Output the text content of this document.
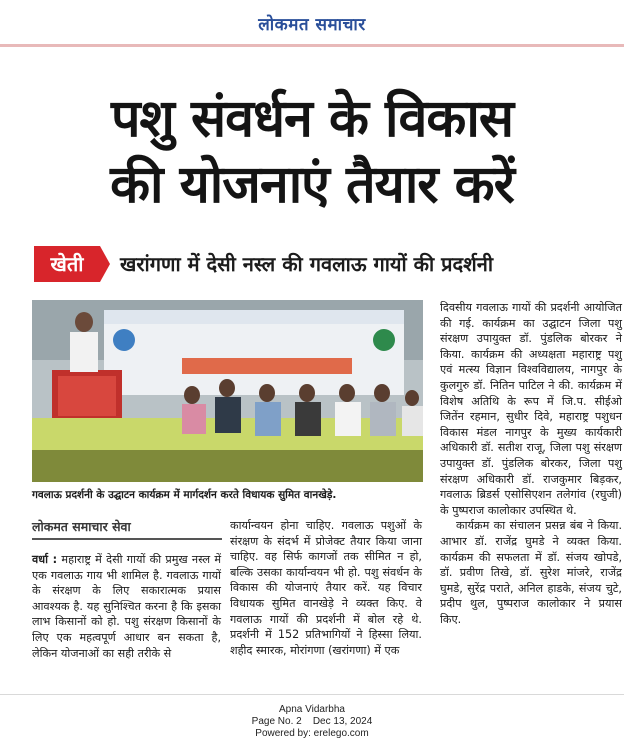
लोकमत समाचार
पशु संवर्धन के विकास
की योजनाएं तैयार करें
खेती	खरांगणा में देसी नस्ल की गवलाऊ गायों की प्रदर्शनी
गवलाऊ प्रदर्शनी के उद्घाटन कार्यक्रम में मार्गदर्शन करते विधायक सुमित वानखेड़े.
लोकमत समाचार सेवा

वर्धा : महाराष्ट्र में देसी गायों की प्रमुख नस्ल में एक गवलाऊ गाय भी शामिल है. गवलाऊ गायों के संरक्षण के लिए सकारात्मक प्रयास आवश्यक है. यह सुनिश्चित करना है कि इसका लाभ किसानों को हो. पशु संरक्षण किसानों के लिए एक महत्वपूर्ण आधार बन सकता है, लेकिन योजनाओं का सही तरीके से

कार्यान्वयन होना चाहिए. गवलाऊ पशुओं के संरक्षण के संदर्भ में प्रोजेक्ट तैयार किया जाना चाहिए. वह सिर्फ कागजों तक सीमित न हो, बल्कि उसका कार्यान्वयन भी हो. पशु संवर्धन के विकास की योजनाएं तैयार करें. यह विचार विधायक सुमित वानखेड़े ने व्यक्त किए. वे गवलाऊ गायों की प्रदर्शनी में बोल रहे थे. प्रदर्शनी में 152 प्रतिभागियों ने हिस्सा लिया. शहीद स्मारक, मोरांगणा (खरांगणा) में एक

दिवसीय गवलाऊ गायों की प्रदर्शनी आयोजित की गई. कार्यक्रम का उद्घाटन जिला पशु संरक्षण उपायुक्त डॉ. पुंडलिक बोरकर ने किया. कार्यक्रम की अध्यक्षता महाराष्ट्र पशु एवं मत्स्य विज्ञान विश्वविद्यालय, नागपुर के कुलगुरु डॉ. नितिन पाटिल ने की. कार्यक्रम में विशेष अतिथि के रूप में जि.प. सीईओ जितेंन रहमान, सुधीर दिवे, महाराष्ट्र पशुधन विकास मंडल नागपुर के मुख्य कार्यकारी अधिकारी डॉ. सतीश राजू, जिला पशु संरक्षण उपायुक्त डॉ. पुंडलिक बोरकर, जिला पशु संरक्षण अधिकारी डॉ. राजकुमार बिड़कर, गवलाऊ ब्रिडर्स एसोसिएशन तलेगांव (रघुजी) के पुष्पराज कालोकार उपस्थित थे.

कार्यक्रम का संचालन प्रसन्न बंब ने किया. आभार डॉ. राजेंद्र घुमडे ने व्यक्त किया. कार्यक्रम की सफलता में डॉ. संजय खोपडे, डॉ. प्रवीण तिखे, डॉ. सुरेश मांजरे, राजेंद्र घुमडे, सुरेंद्र पराते, अनिल हाडके, संजय चुटे, प्रदीप थुल, पुष्पराज कालोकार ने प्रयास किए.

Apna Vidarbha
Page No. 2    Dec 13, 2024
Powered by: erelego.com
